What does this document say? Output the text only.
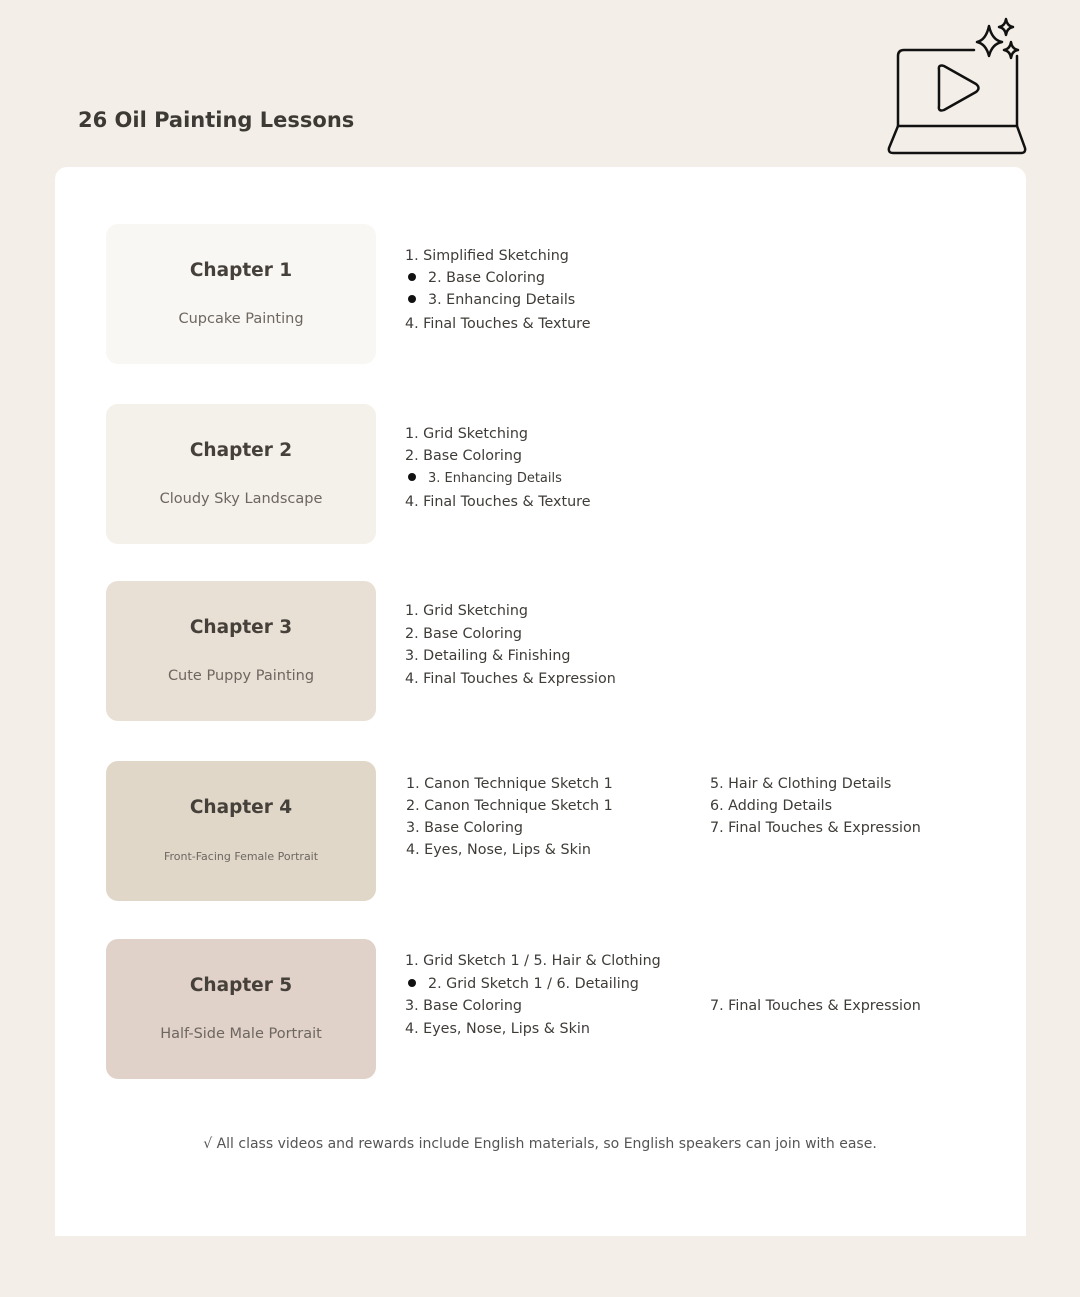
26 Oil Painting Lessons
Chapter 1
Cupcake Painting
1. Simplified Sketching
2. Base Coloring
3. Enhancing Details
4. Final Touches & Texture
Chapter 2
Cloudy Sky Landscape
1. Grid Sketching
2. Base Coloring
3. Enhancing Details
4. Final Touches & Texture
Chapter 3
Cute Puppy Painting
1. Grid Sketching
2. Base Coloring
3. Detailing & Finishing
4. Final Touches & Expression
Chapter 4
Front-Facing Female Portrait
1. Canon Technique Sketch 1
2. Canon Technique Sketch 1
3. Base Coloring
4. Eyes, Nose, Lips & Skin
5. Hair & Clothing Details
6. Adding Details
7. Final Touches & Expression
Chapter 5
Half-Side Male Portrait
1. Grid Sketch 1 / 5. Hair & Clothing
2. Grid Sketch 1 / 6. Detailing
3. Base Coloring
4. Eyes, Nose, Lips & Skin
7. Final Touches & Expression
√ All class videos and rewards include English materials, so English speakers can join with ease.
